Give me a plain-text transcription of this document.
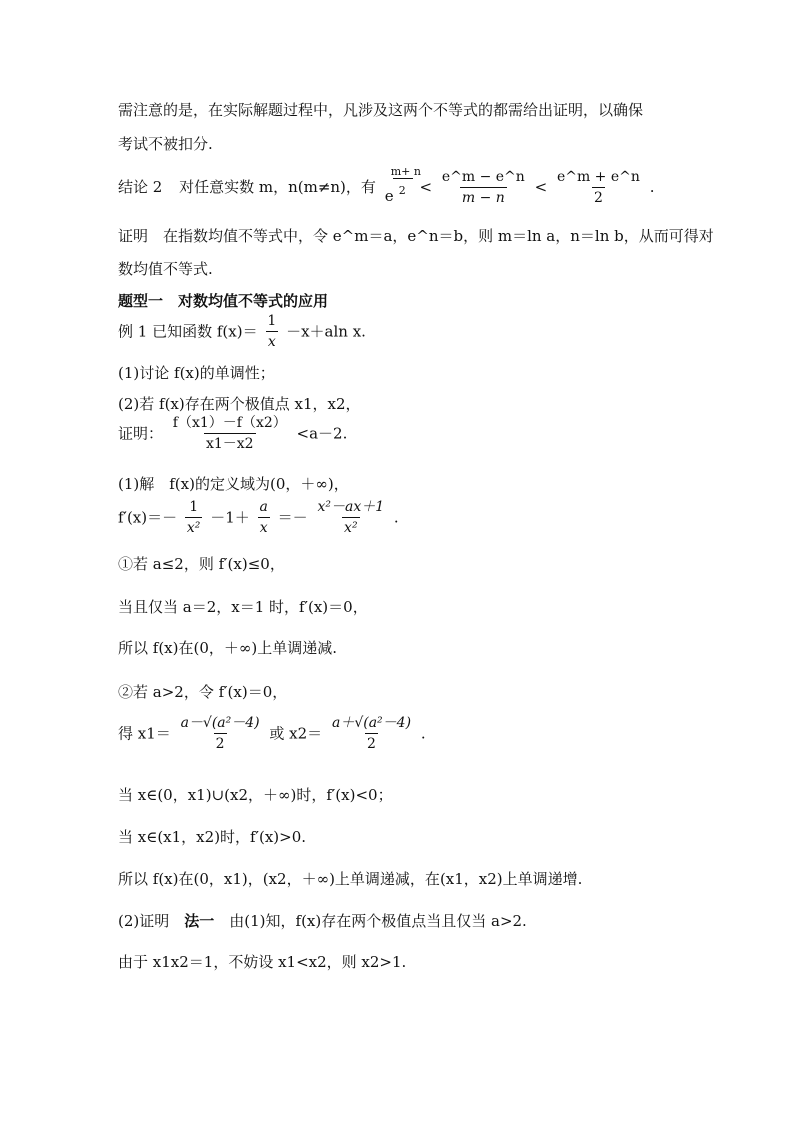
需注意的是，在实际解题过程中，凡涉及这两个不等式的都需给出证明，以确保
考试不被扣分.
结论 2 对任意实数 m，n(m≠n)，有
m+ n
2
$e < \frac{e\^{}m - e\^{}n}{m - n} < \frac{e\^{}m + e\^{}n}{2}$ .
证明　在指数均值不等式中，令 e^m＝a，e^n＝b，则 m＝ln a，n＝ln b，从而可得对
数均值不等式.
题型一　对数均值不等式的应用
例 1 已知函数 $f(x)= \frac{1}{x} -x+aln$ x.
(1)讨论 f(x)的单调性；
(2)若 f(x)存在两个极值点 x1，x2，
证明： $\frac{f(x1)-f(x2)}{x1-x2} <a-2$.
(1)解　f(x)的定义域为(0，＋∞)，
$f'(x)=- \frac{1}{\text{x²}} -1+ \frac{a}{x} =- \frac{\text{x²－ax＋1}}{\text{x²}}$ .
①若 a≤2，则 f′(x)≤0，
当且仅当 a＝2，x＝1 时，f′(x)＝0，
所以 f(x)在(0，＋∞)上单调递减.
②若 a>2，令 f′(x)＝0，
得 $x1= \frac{\text{a－√(a²－4)}}{2}$ 或 $x2= \frac{\text{a＋√(a²－4)}}{2}$ .
当 x∈(0，x1)∪(x2，＋∞)时，f′(x)<0；
当 x∈(x1，x2)时，f′(x)>0.
所以 f(x)在(0，x1)，(x2，＋∞)上单调递减，在(x1，x2)上单调递增.
(2)证明　法一　由(1)知，f(x)存在两个极值点当且仅当 a>2.
由于 x1x2＝1，不妨设 x1<x2，则 x2>1.
